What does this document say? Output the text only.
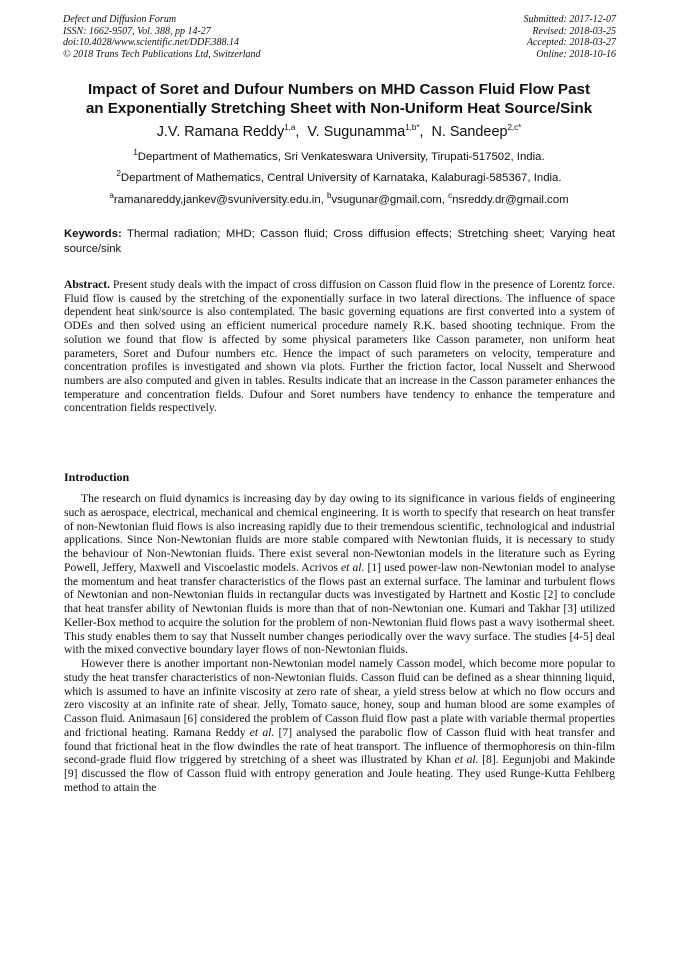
Defect and Diffusion Forum
ISSN: 1662-9507, Vol. 388, pp 14-27
doi:10.4028/www.scientific.net/DDF.388.14
© 2018 Trans Tech Publications Ltd, Switzerland
Submitted: 2017-12-07
Revised: 2018-03-25
Accepted: 2018-03-27
Online: 2018-10-16
Impact of Soret and Dufour Numbers on MHD Casson Fluid Flow Past
an Exponentially Stretching Sheet with Non-Uniform Heat Source/Sink
J.V. Ramana Reddy$^{1,a}$,  V. Sugunamma$^{1,b*}$,  N. Sandeep$^{2,c*}$
$^1$Department of Mathematics, Sri Venkateswara University, Tirupati-517502, India.
$^2$Department of Mathematics, Central University of Karnataka, Kalaburagi-585367, India.
$^a$ramanareddy,jankev@svuniversity.edu.in, $^b$vsugunar@gmail.com, $^c$nsreddy.dr@gmail.com
Keywords: Thermal radiation; MHD; Casson fluid; Cross diffusion effects; Stretching sheet; Varying heat source/sink
Abstract. Present study deals with the impact of cross diffusion on Casson fluid flow in the presence of Lorentz force. Fluid flow is caused by the stretching of the exponentially surface in two lateral directions. The influence of space dependent heat sink/source is also contemplated. The basic governing equations are first converted into a system of ODEs and then solved using an efficient numerical procedure namely R.K. based shooting technique. From the solution we found that flow is affected by some physical parameters like Casson parameter, non uniform heat parameters, Soret and Dufour numbers etc. Hence the impact of such parameters on velocity, temperature and concentration profiles is investigated and shown via plots. Further the friction factor, local Nusselt and Sherwood numbers are also computed and given in tables. Results indicate that an increase in the Casson parameter enhances the temperature and concentration fields. Dufour and Soret numbers have tendency to enhance the temperature and concentration fields respectively.
Introduction

The research on fluid dynamics is increasing day by day owing to its significance in various fields of engineering such as aerospace, electrical, mechanical and chemical engineering. It is worth to specify that research on heat transfer of non-Newtonian fluid flows is also increasing rapidly due to their tremendous scientific, technological and industrial applications. Since Non-Newtonian fluids are more stable compared with Newtonian fluids, it is necessary to study the behaviour of Non-Newtonian fluids. There exist several non-Newtonian models in the literature such as Eyring Powell, Jeffery, Maxwell and Viscoelastic models. Acrivos et al. [1] used power-law non-Newtonian model to analyse the momentum and heat transfer characteristics of the flows past an external surface. The laminar and turbulent flows of Newtonian and non-Newtonian fluids in rectangular ducts was investigated by Hartnett and Kostic [2] to conclude that heat transfer ability of Newtonian fluids is more than that of non-Newtonian one. Kumari and Takhar [3] utilized Keller-Box method to acquire the solution for the problem of non-Newtonian fluid flows past a wavy isothermal sheet. This study enables them to say that Nusselt number changes periodically over the wavy surface. The studies [4-5] deal with the mixed convective boundary layer flows of non-Newtonian fluids.

However there is another important non-Newtonian model namely Casson model, which become more popular to study the heat transfer characteristics of non-Newtonian fluids. Casson fluid can be defined as a shear thinning liquid, which is assumed to have an infinite viscosity at zero rate of shear, a yield stress below at which no flow occurs and zero viscosity at an infinite rate of shear. Jelly, Tomato sauce, honey, soup and human blood are some examples of Casson fluid. Animasaun [6] considered the problem of Casson fluid flow past a plate with variable thermal properties and frictional heating. Ramana Reddy et al. [7] analysed the parabolic flow of Casson fluid with heat transfer and found that frictional heat in the flow dwindles the rate of heat transport. The influence of thermophoresis on thin-film second-grade fluid flow triggered by stretching of a sheet was illustrated by Khan et al. [8]. Eegunjobi and Makinde [9] discussed the flow of Casson fluid with entropy generation and Joule heating. They used Runge-Kutta Fehlberg method to attain the
